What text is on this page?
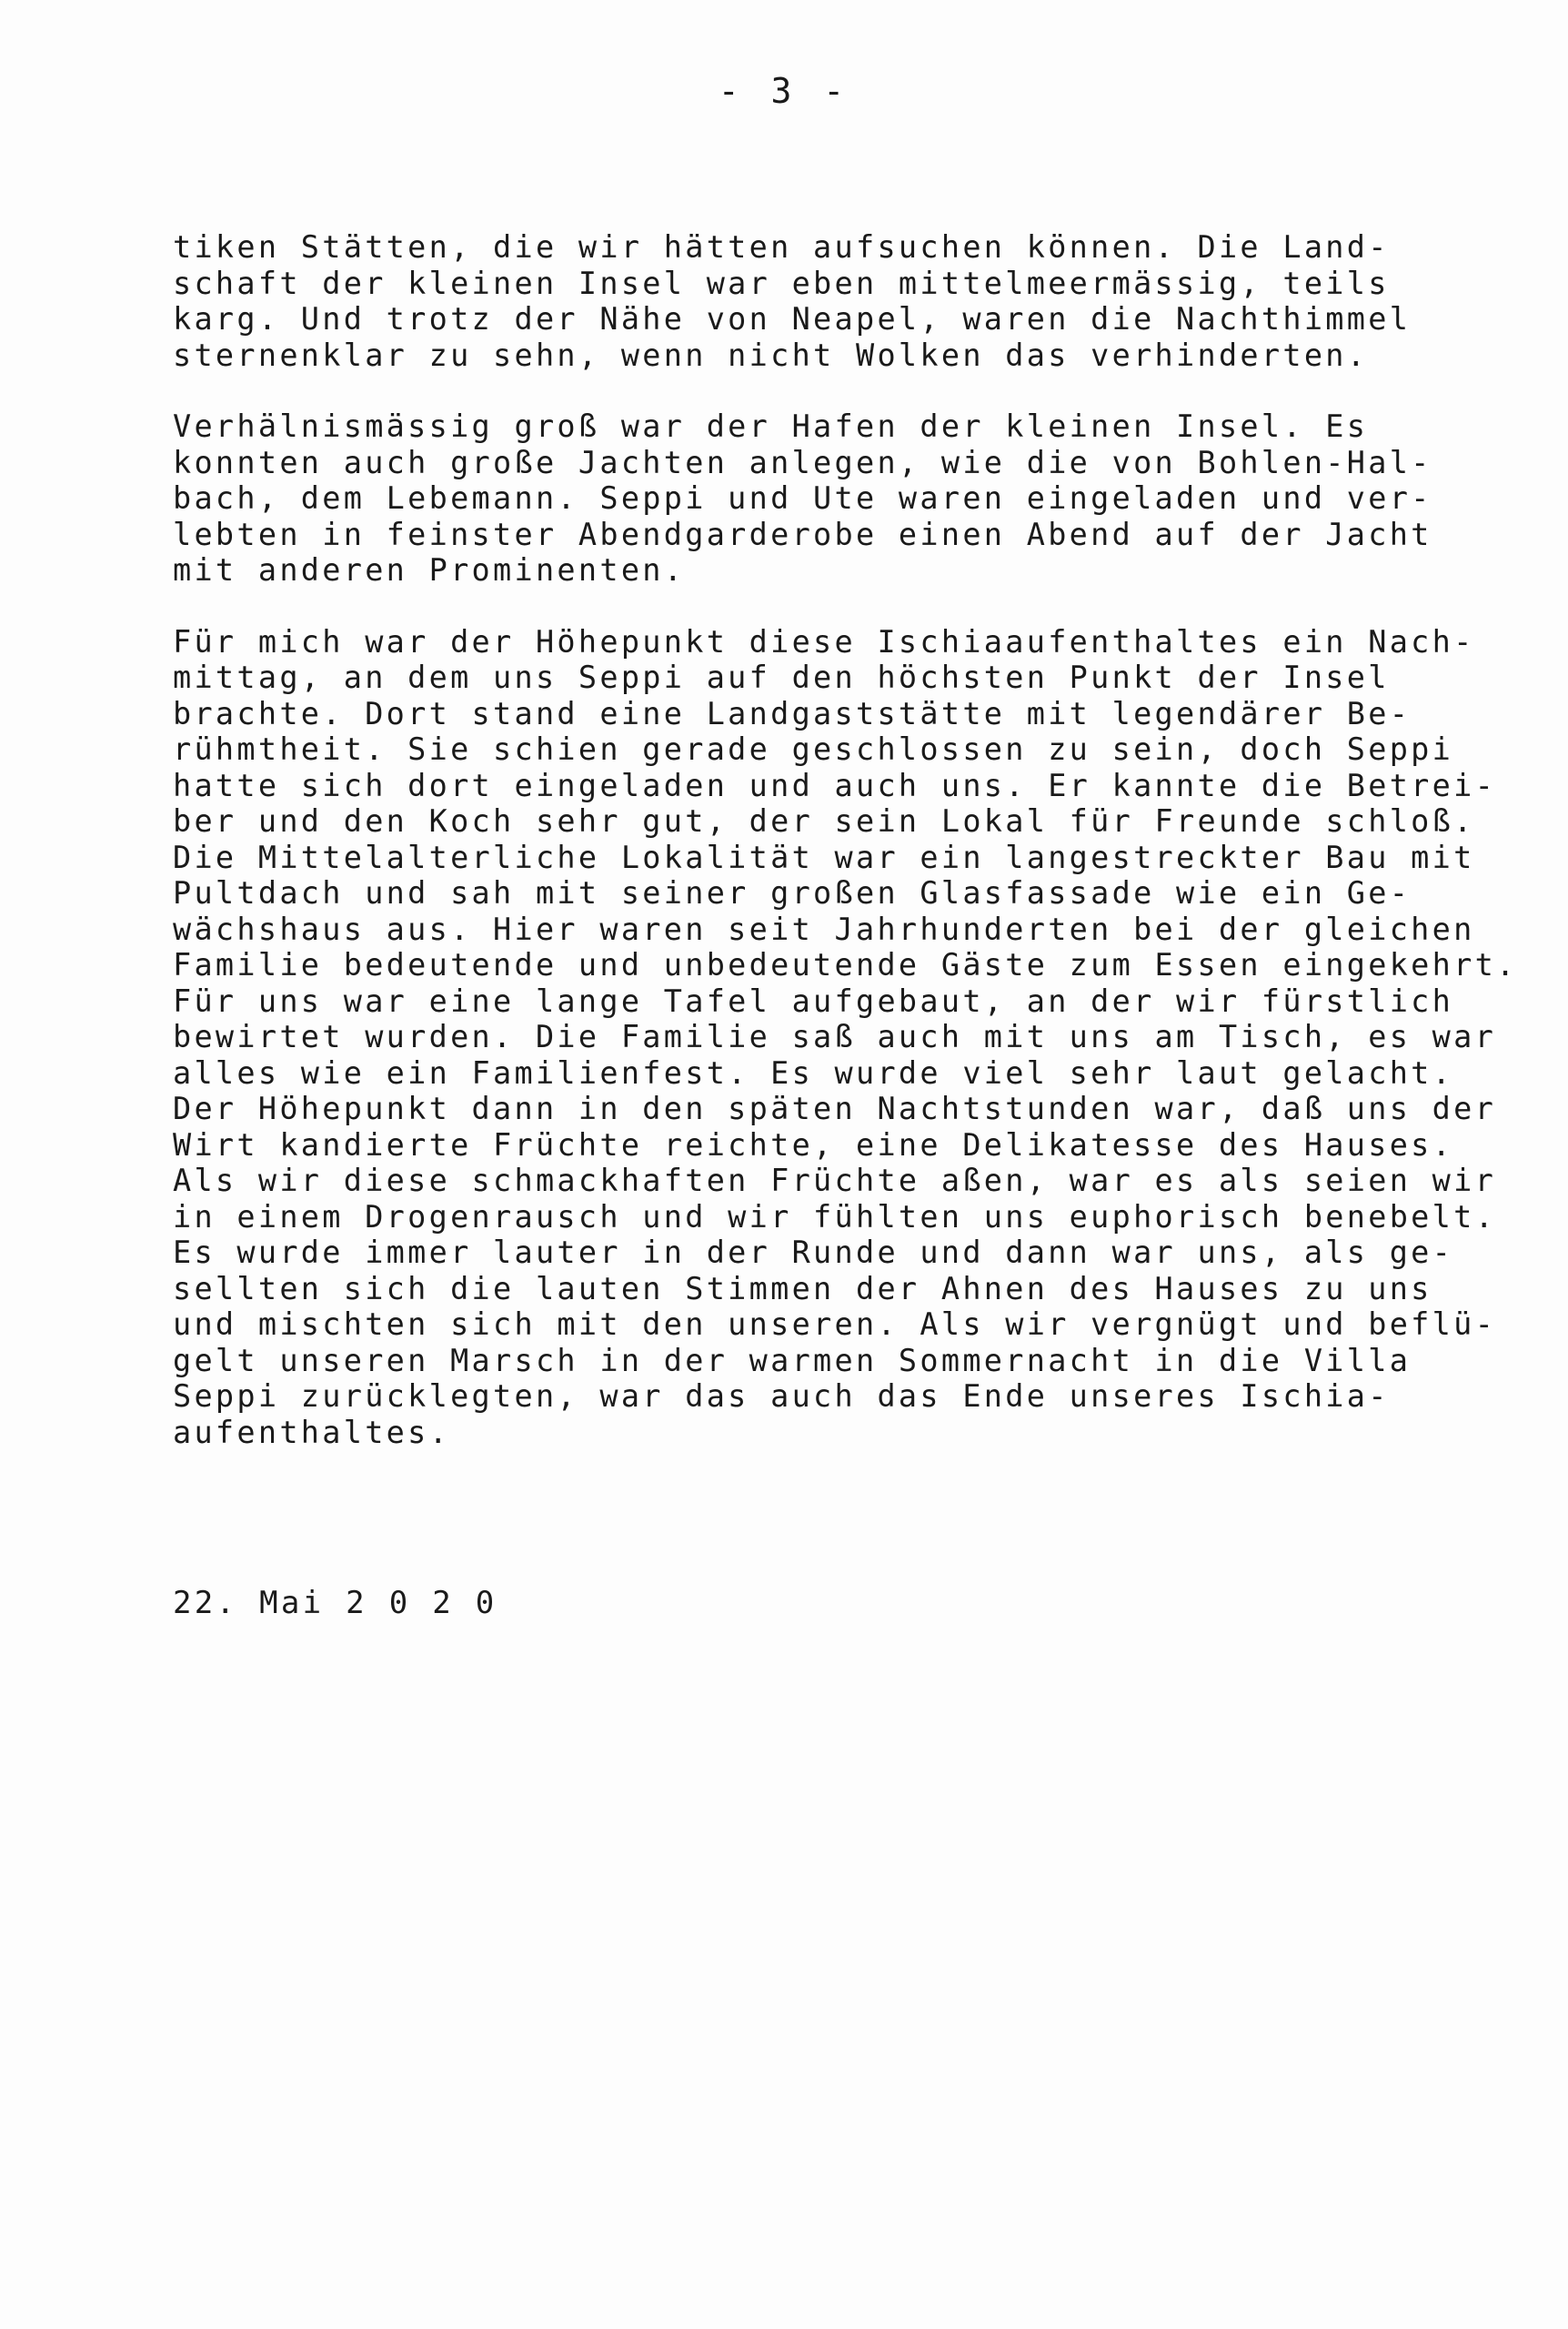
- 3 -
tiken Stätten, die wir hätten aufsuchen können. Die Land-
schaft der kleinen Insel war eben mittelmeermässig, teils
karg. Und trotz der Nähe von Neapel, waren die Nachthimmel
sternenklar zu sehn, wenn nicht Wolken das verhinderten.
Verhälnismässig groß war der Hafen der kleinen Insel. Es
konnten auch große Jachten anlegen, wie die von Bohlen-Hal-
bach, dem Lebemann. Seppi und Ute waren eingeladen und ver-
lebten in feinster Abendgarderobe einen Abend auf der Jacht
mit anderen Prominenten.
Für mich war der Höhepunkt diese Ischiaaufenthaltes ein Nach-
mittag, an dem uns Seppi auf den höchsten Punkt der Insel
brachte. Dort stand eine Landgaststätte mit legendärer Be-
rühmtheit. Sie schien gerade geschlossen zu sein, doch Seppi
hatte sich dort eingeladen und auch uns. Er kannte die Betrei-
ber und den Koch sehr gut, der sein Lokal für Freunde schloß.
Die Mittelalterliche Lokalität war ein langestreckter Bau mit
Pultdach und sah mit seiner großen Glasfassade wie ein Ge-
wächshaus aus. Hier waren seit Jahrhunderten bei der gleichen
Familie bedeutende und unbedeutende Gäste zum Essen eingekehrt.
Für uns war eine lange Tafel aufgebaut, an der wir fürstlich
bewirtet wurden. Die Familie saß auch mit uns am Tisch, es war
alles wie ein Familienfest. Es wurde viel sehr laut gelacht.
Der Höhepunkt dann in den späten Nachtstunden war, daß uns der
Wirt kandierte Früchte reichte, eine Delikatesse des Hauses.
Als wir diese schmackhaften Früchte aßen, war es als seien wir
in einem Drogenrausch und wir fühlten uns euphorisch benebelt.
Es wurde immer lauter in der Runde und dann war uns, als ge-
sellten sich die lauten Stimmen der Ahnen des Hauses zu uns
und mischten sich mit den unseren. Als wir vergnügt und beflü-
gelt unseren Marsch in der warmen Sommernacht in die Villa
Seppi zurücklegten, war das auch das Ende unseres Ischia-
aufenthaltes.
22. Mai 2 0 2 0
